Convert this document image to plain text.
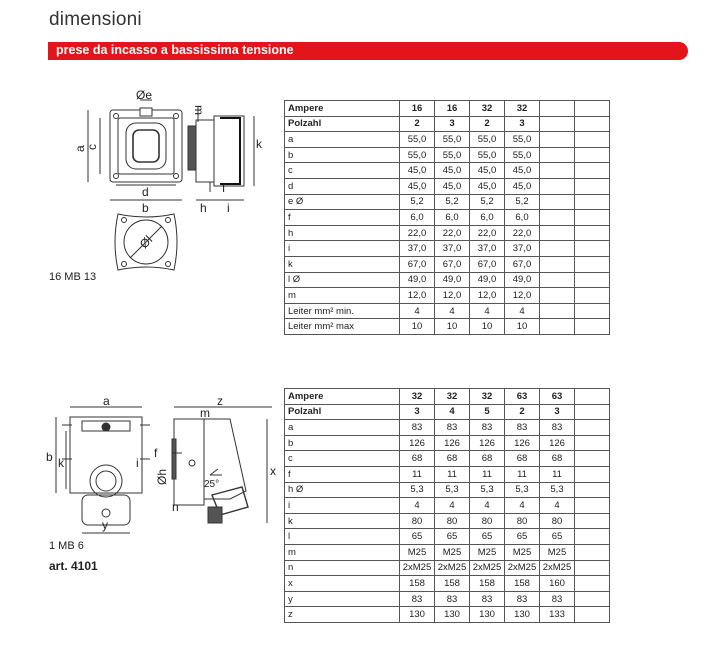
dimensioni
prese da incasso a bassissima tensione
Øe
m
a
c	k
d
b	h i
f
Øl
16 MB 13
Ampere	16	16	32	32		
Polzahl	2	3	2	3		
a	55,0	55,0	55,0	55,0		
b	55,0	55,0	55,0	55,0		
c	45,0	45,0	45,0	45,0		
d	45,0	45,0	45,0	45,0		
e Ø	5,2	5,2	5,2	5,2		
f	6,0	6,0	6,0	6,0		
h	22,0	22,0	22,0	22,0		
i	37,0	37,0	37,0	37,0		
k	67,0	67,0	67,0	67,0		
l Ø	49,0	49,0	49,0	49,0		
m	12,0	12,0	12,0	12,0		
Leiter mm² min.	4	4	4	4		
Leiter mm² max	10	10	10	10		
a
b k	i
y
z
m
x
f
Øh	25°
n
1 MB 6
art. 4101
Ampere	32	32	32	63	63	
Polzahl	3	4	5	2	3	
a	83	83	83	83	83	
b	126	126	126	126	126	
c	68	68	68	68	68	
f	11	11	11	11	11	
h Ø	5,3	5,3	5,3	5,3	5,3	
i	4	4	4	4	4	
k	80	80	80	80	80	
l	65	65	65	65	65	
m	M25	M25	M25	M25	M25	
n	2xM25	2xM25	2xM25	2xM25	2xM25	
x	158	158	158	158	160	
y	83	83	83	83	83	
z	130	130	130	130	133	
